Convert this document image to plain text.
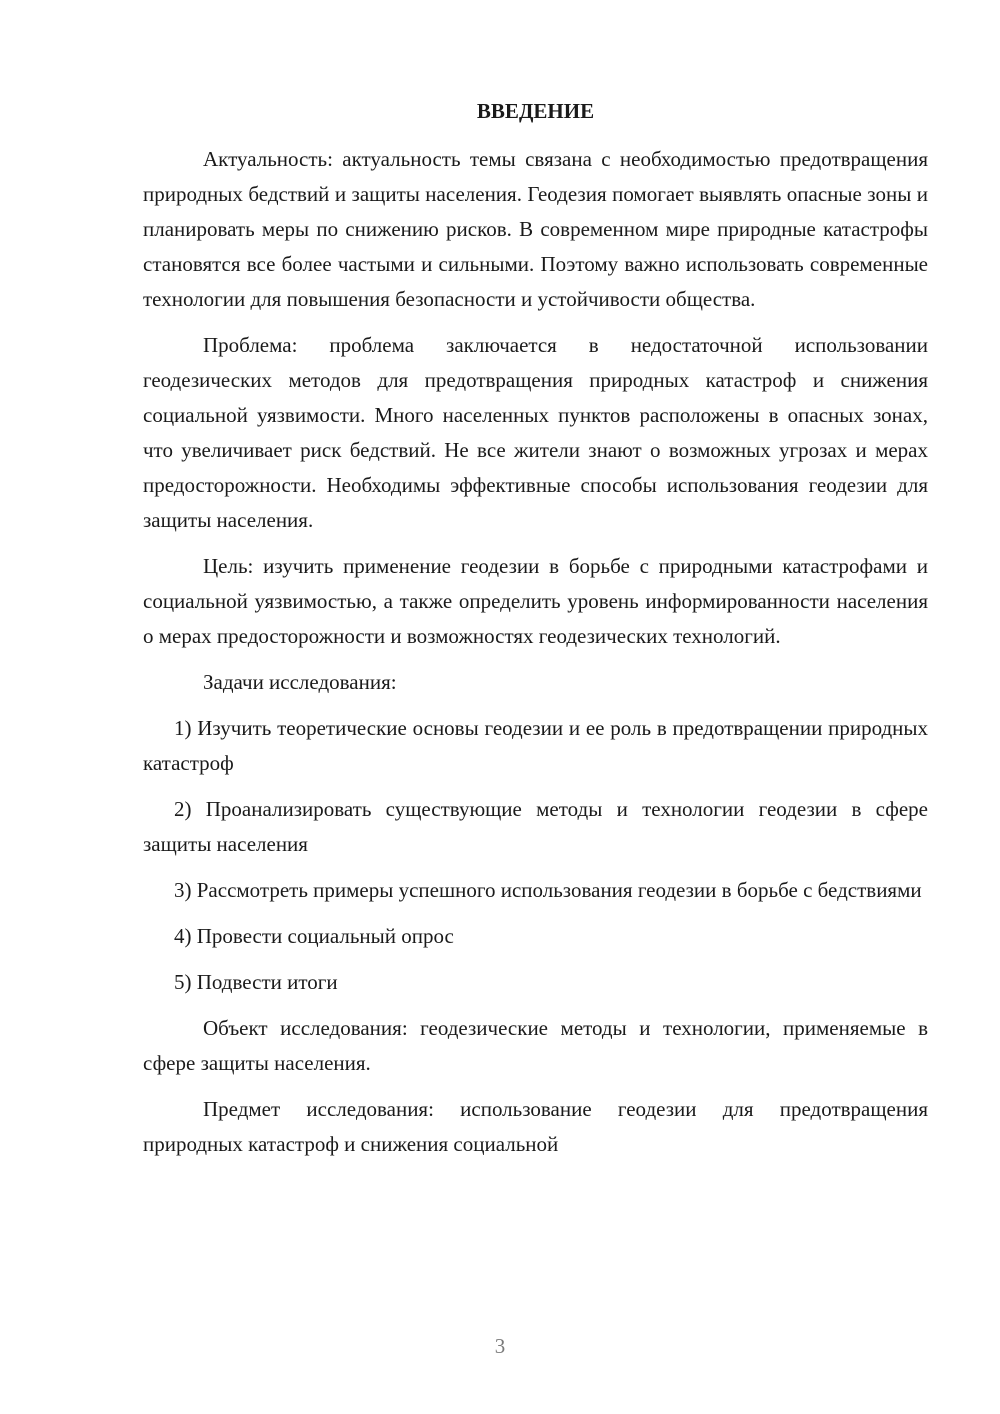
ВВЕДЕНИЕ

Актуальность: актуальность темы связана с необходимостью предотвращения природных бедствий и защиты населения. Геодезия помогает выявлять опасные зоны и планировать меры по снижению рисков. В современном мире природные катастрофы становятся все более частыми и сильными. Поэтому важно использовать современные технологии для повышения безопасности и устойчивости общества.

Проблема: проблема заключается в недостаточной использовании геодезических методов для предотвращения природных катастроф и снижения социальной уязвимости. Много населенных пунктов расположены в опасных зонах, что увеличивает риск бедствий. Не все жители знают о возможных угрозах и мерах предосторожности. Необходимы эффективные способы использования геодезии для защиты населения.

Цель: изучить применение геодезии в борьбе с природными катастрофами и социальной уязвимостью, а также определить уровень информированности населения о мерах предосторожности и возможностях геодезических технологий.

Задачи исследования:

1) Изучить теоретические основы геодезии и ее роль в предотвращении природных катастроф

2) Проанализировать существующие методы и технологии геодезии в сфере защиты населения

3) Рассмотреть примеры успешного использования геодезии в борьбе с бедствиями

4) Провести социальный опрос

5) Подвести итоги

Объект исследования: геодезические методы и технологии, применяемые в сфере защиты населения.

Предмет исследования: использование геодезии для предотвращения природных катастроф и снижения социальной

3
